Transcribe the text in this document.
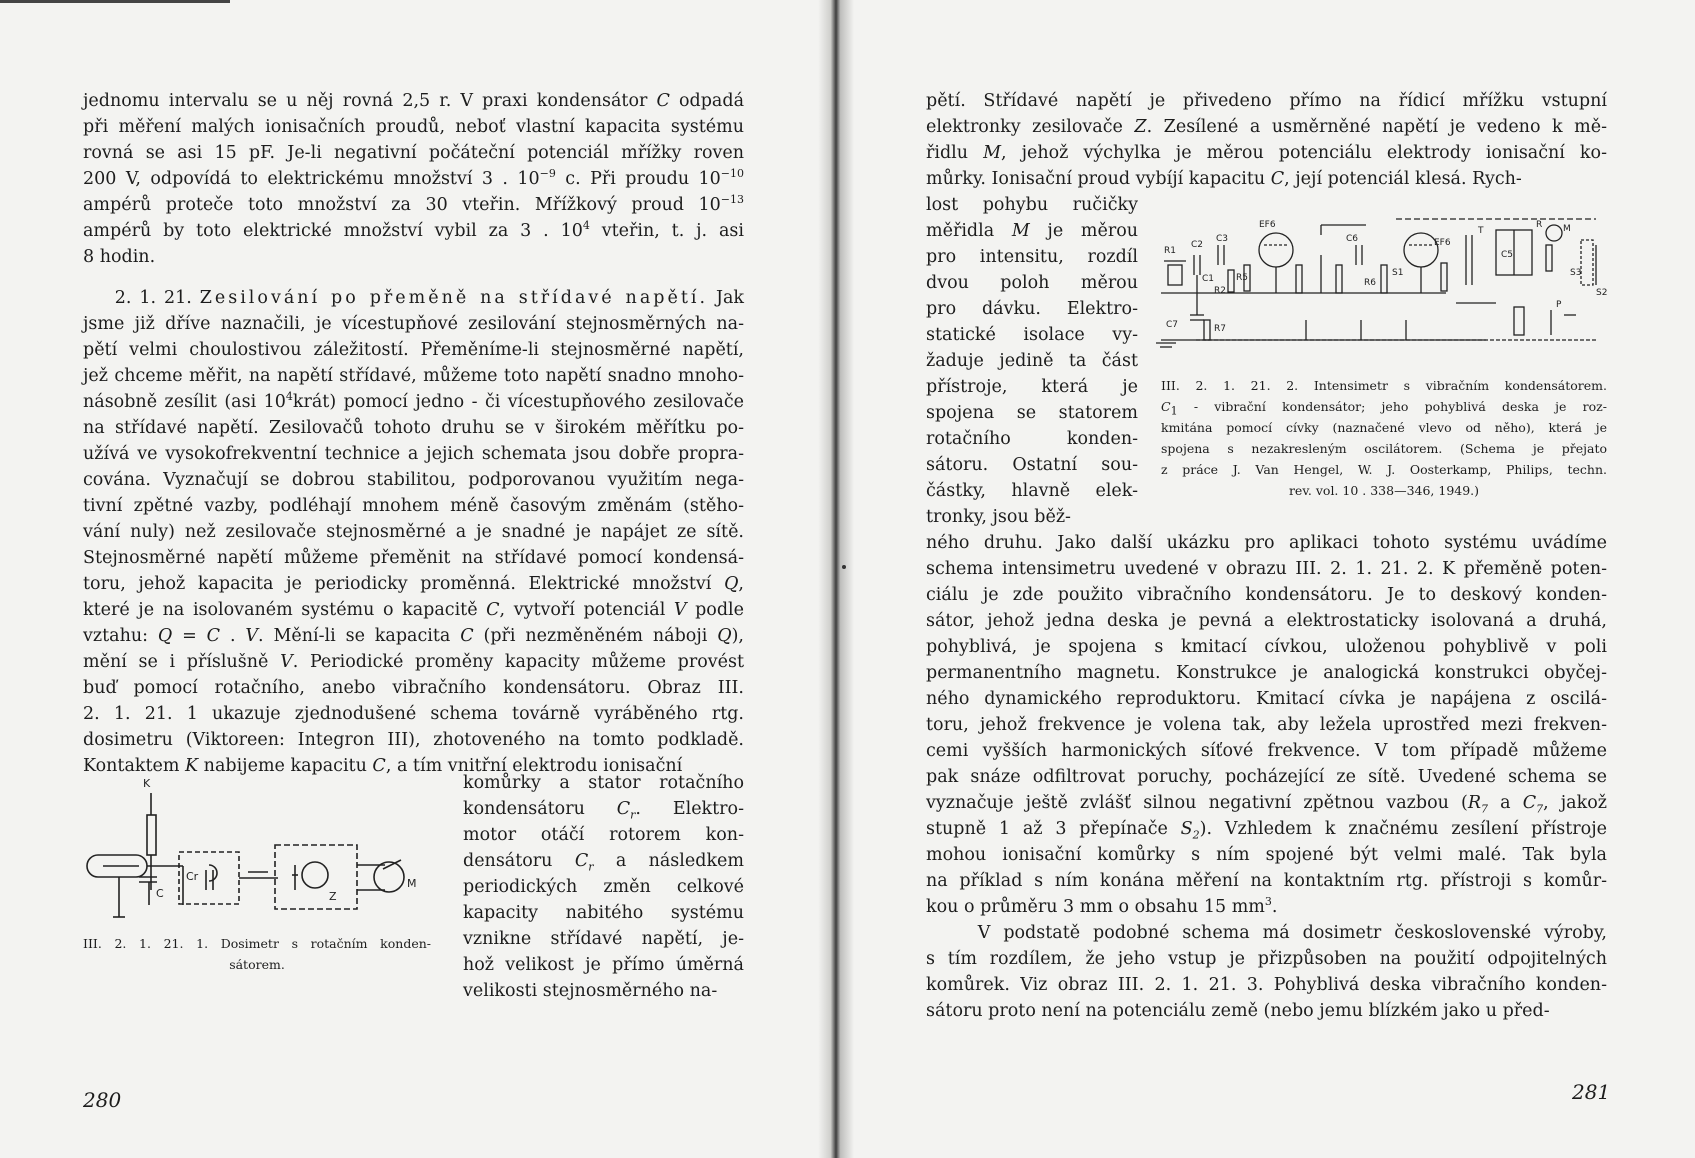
jednomu intervalu se u něj rovná 2,5 r. V praxi kondensátor C odpadá
při měření malých ionisačních proudů, neboť vlastní kapacita systému
rovná se asi 15 pF. Je-li negativní počáteční potenciál mřížky roven
200 V, odpovídá to elektrickému množství 3 . $10^{-9}$ c. Při proudu $10^{-10}$
ampérů proteče toto množství za 30 vteřin. Mřížkový proud $10^{-13}$
ampérů by toto elektrické množství vybil za 3 . $10^4$ vteřin, t. j. asi
8 hodin.
2. 1. 21. Zesilování po přeměně na střídavé napětí. Jak
jsme již dříve naznačili, je vícestupňové zesilování stejnosměrných na-
pětí velmi choulostivou záležitostí. Přeměníme-li stejnosměrné napětí,
jež chceme měřit, na napětí střídavé, můžeme toto napětí snadno mnoho-
násobně zesílit (asi $10^4krát$) pomocí jedno - či vícestupňového zesilovače
na střídavé napětí. Zesilovačů tohoto druhu se v širokém měřítku po-
užívá ve vysokofrekventní technice a jejich schemata jsou dobře propra-
cována. Vyznačují se dobrou stabilitou, podporovanou využitím nega-
tivní zpětné vazby, podléhají mnohem méně časovým změnám (stěho-
vání nuly) než zesilovače stejnosměrné a je snadné je napájet ze sítě.
Stejnosměrné napětí můžeme přeměnit na střídavé pomocí kondensá-
toru, jehož kapacita je periodicky proměnná. Elektrické množství Q,
které je na isolovaném systému o kapacitě C, vytvoří potenciál V podle
vztahu: Q = C . V. Mění-li se kapacita C (při nezměněném náboji Q),
mění se i příslušně V. Periodické proměny kapacity můžeme provést
buď pomocí rotačního, anebo vibračního kondensátoru. Obraz III.
2. 1. 21. 1 ukazuje zjednodušené schema továrně vyráběného rtg.
dosimetru (Viktoreen: Integron III), zhotoveného na tomto podkladě.
Kontaktem K nabijeme kapacitu C, a tím vnitřní elektrodu ionisační
K
C
Cr
Z
M
III. 2. 1. 21. 1. Dosimetr s rotačním konden-
sátorem.
komůrky a stator rotačního
kondensátoru $C_r$. Elektro-
motor otáčí rotorem kon-
densátoru $C_r$ a následkem
periodických změn celkové
kapacity nabitého systému
vznikne střídavé napětí, je-
hož velikost je přímo úměrná
velikosti stejnosměrného na-
280
pětí. Střídavé napětí je přivedeno přímo na řídicí mřížku vstupní
elektronky zesilovače Z. Zesílené a usměrněné napětí je vedeno k mě-
řidlu M, jehož výchylka je měrou potenciálu elektrody ionisační ko-
můrky. Ionisační proud vybíjí kapacitu C, její potenciál klesá. Rych-
lost pohybu ručičky
měřidla M je měrou
pro intensitu, rozdíl
dvou poloh měrou
pro dávku. Elektro-
statické isolace vy-
žaduje jedině ta část
přístroje, která je
spojena se statorem
rotačního konden-
sátoru. Ostatní sou-
částky, hlavně elek-
tronky, jsou běž-
EF6
EF6
R1
C2
C3
C1
R2
R5
C6
S1
R6
C7	R7
T
R
C5
S3
S2
M
P
III. 2. 1. 21. 2. Intensimetr s vibračním kondensátorem.
$C_1$ - vibrační kondensátor; jeho pohyblivá deska je roz-
kmitána pomocí cívky (naznačené vlevo od něho), která je
spojena s nezakresleným oscilátorem. (Schema je přejato
z práce J. Van Hengel, W. J. Oosterkamp, Philips, techn.
rev. vol. 10 . 338—346, 1949.)
ného druhu. Jako další ukázku pro aplikaci tohoto systému uvádíme
schema intensimetru uvedené v obrazu III. 2. 1. 21. 2. K přeměně poten-
ciálu je zde použito vibračního kondensátoru. Je to deskový konden-
sátor, jehož jedna deska je pevná a elektrostaticky isolovaná a druhá,
pohyblivá, je spojena s kmitací cívkou, uloženou pohyblivě v poli
permanentního magnetu. Konstrukce je analogická konstrukci obyčej-
ného dynamického reproduktoru. Kmitací cívka je napájena z oscilá-
toru, jehož frekvence je volena tak, aby ležela uprostřed mezi frekven-
cemi vyšších harmonických síťové frekvence. V tom případě můžeme
pak snáze odfiltrovat poruchy, pocházející ze sítě. Uvedené schema se
vyznačuje ještě zvlášť silnou negativní zpětnou vazbou ($R_7$ a $C_7$, jakož
stupně 1 až 3 přepínače $S_2$). Vzhledem k značnému zesílení přístroje
mohou ionisační komůrky s ním spojené být velmi malé. Tak byla
na příklad s ním konána měření na kontaktním rtg. přístroji s komůr-
kou o průměru 3 mm o obsahu 15 $mm^3$.
V podstatě podobné schema má dosimetr československé výroby,
s tím rozdílem, že jeho vstup je přizpůsoben na použití odpojitelných
komůrek. Viz obraz III. 2. 1. 21. 3. Pohyblivá deska vibračního konden-
sátoru proto není na potenciálu země (nebo jemu blízkém jako u před-
281
